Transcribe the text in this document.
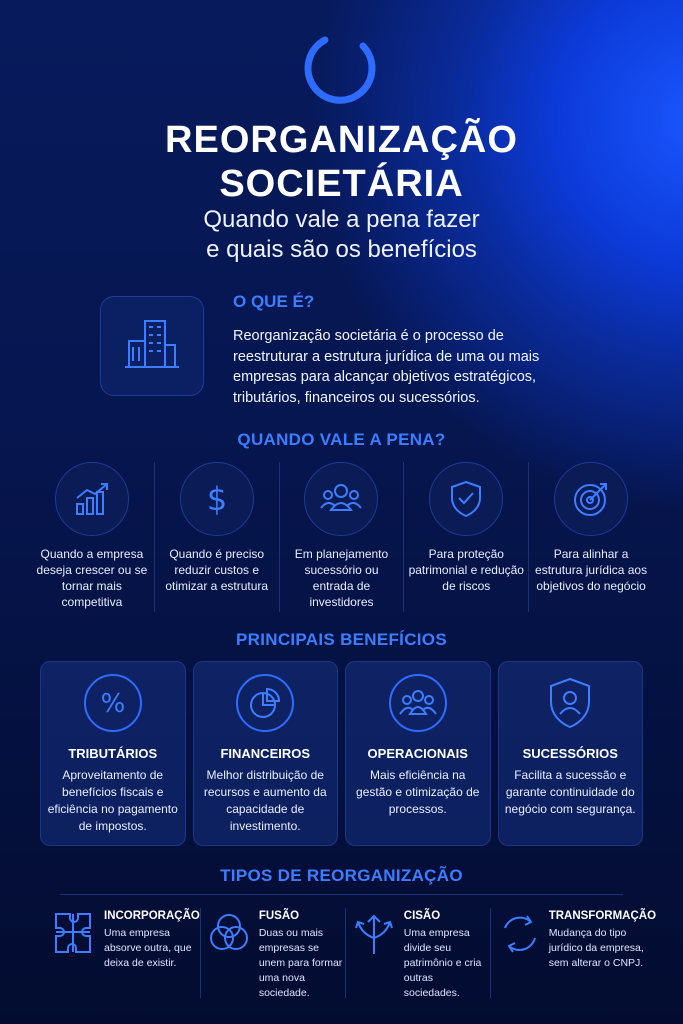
REORGANIZAÇÃO
SOCIETÁRIA
Quando vale a pena fazer
e quais são os benefícios
O QUE É?
Reorganização societária é o processo de reestruturar a estrutura jurídica de uma ou mais empresas para alcançar objetivos estratégicos, tributários, financeiros ou sucessórios.
QUANDO VALE A PENA?
Quando a empresa deseja crescer ou se tornar mais competitiva
$
Quando é preciso reduzir custos e otimizar a estrutura
Em planejamento sucessório ou entrada de investidores
Para proteção patrimonial e redução de riscos
Para alinhar a estrutura jurídica aos objetivos do negócio
PRINCIPAIS BENEFÍCIOS
%
TRIBUTÁRIOS
Aproveitamento de benefícios fiscais e eficiência no pagamento de impostos.
FINANCEIROS
Melhor distribuição de recursos e aumento da capacidade de investimento.
OPERACIONAIS
Mais eficiência na gestão e otimização de processos.
SUCESSÓRIOS
Facilita a sucessão e garante continuidade do negócio com segurança.
TIPOS DE REORGANIZAÇÃO
INCORPORAÇÃO
Uma empresa absorve outra, que deixa de existir.
FUSÃO
Duas ou mais empresas se unem para formar uma nova sociedade.
CISÃO
Uma empresa divide seu patrimônio e cria outras sociedades.
TRANSFORMAÇÃO
Mudança do tipo jurídico da empresa, sem alterar o CNPJ.
